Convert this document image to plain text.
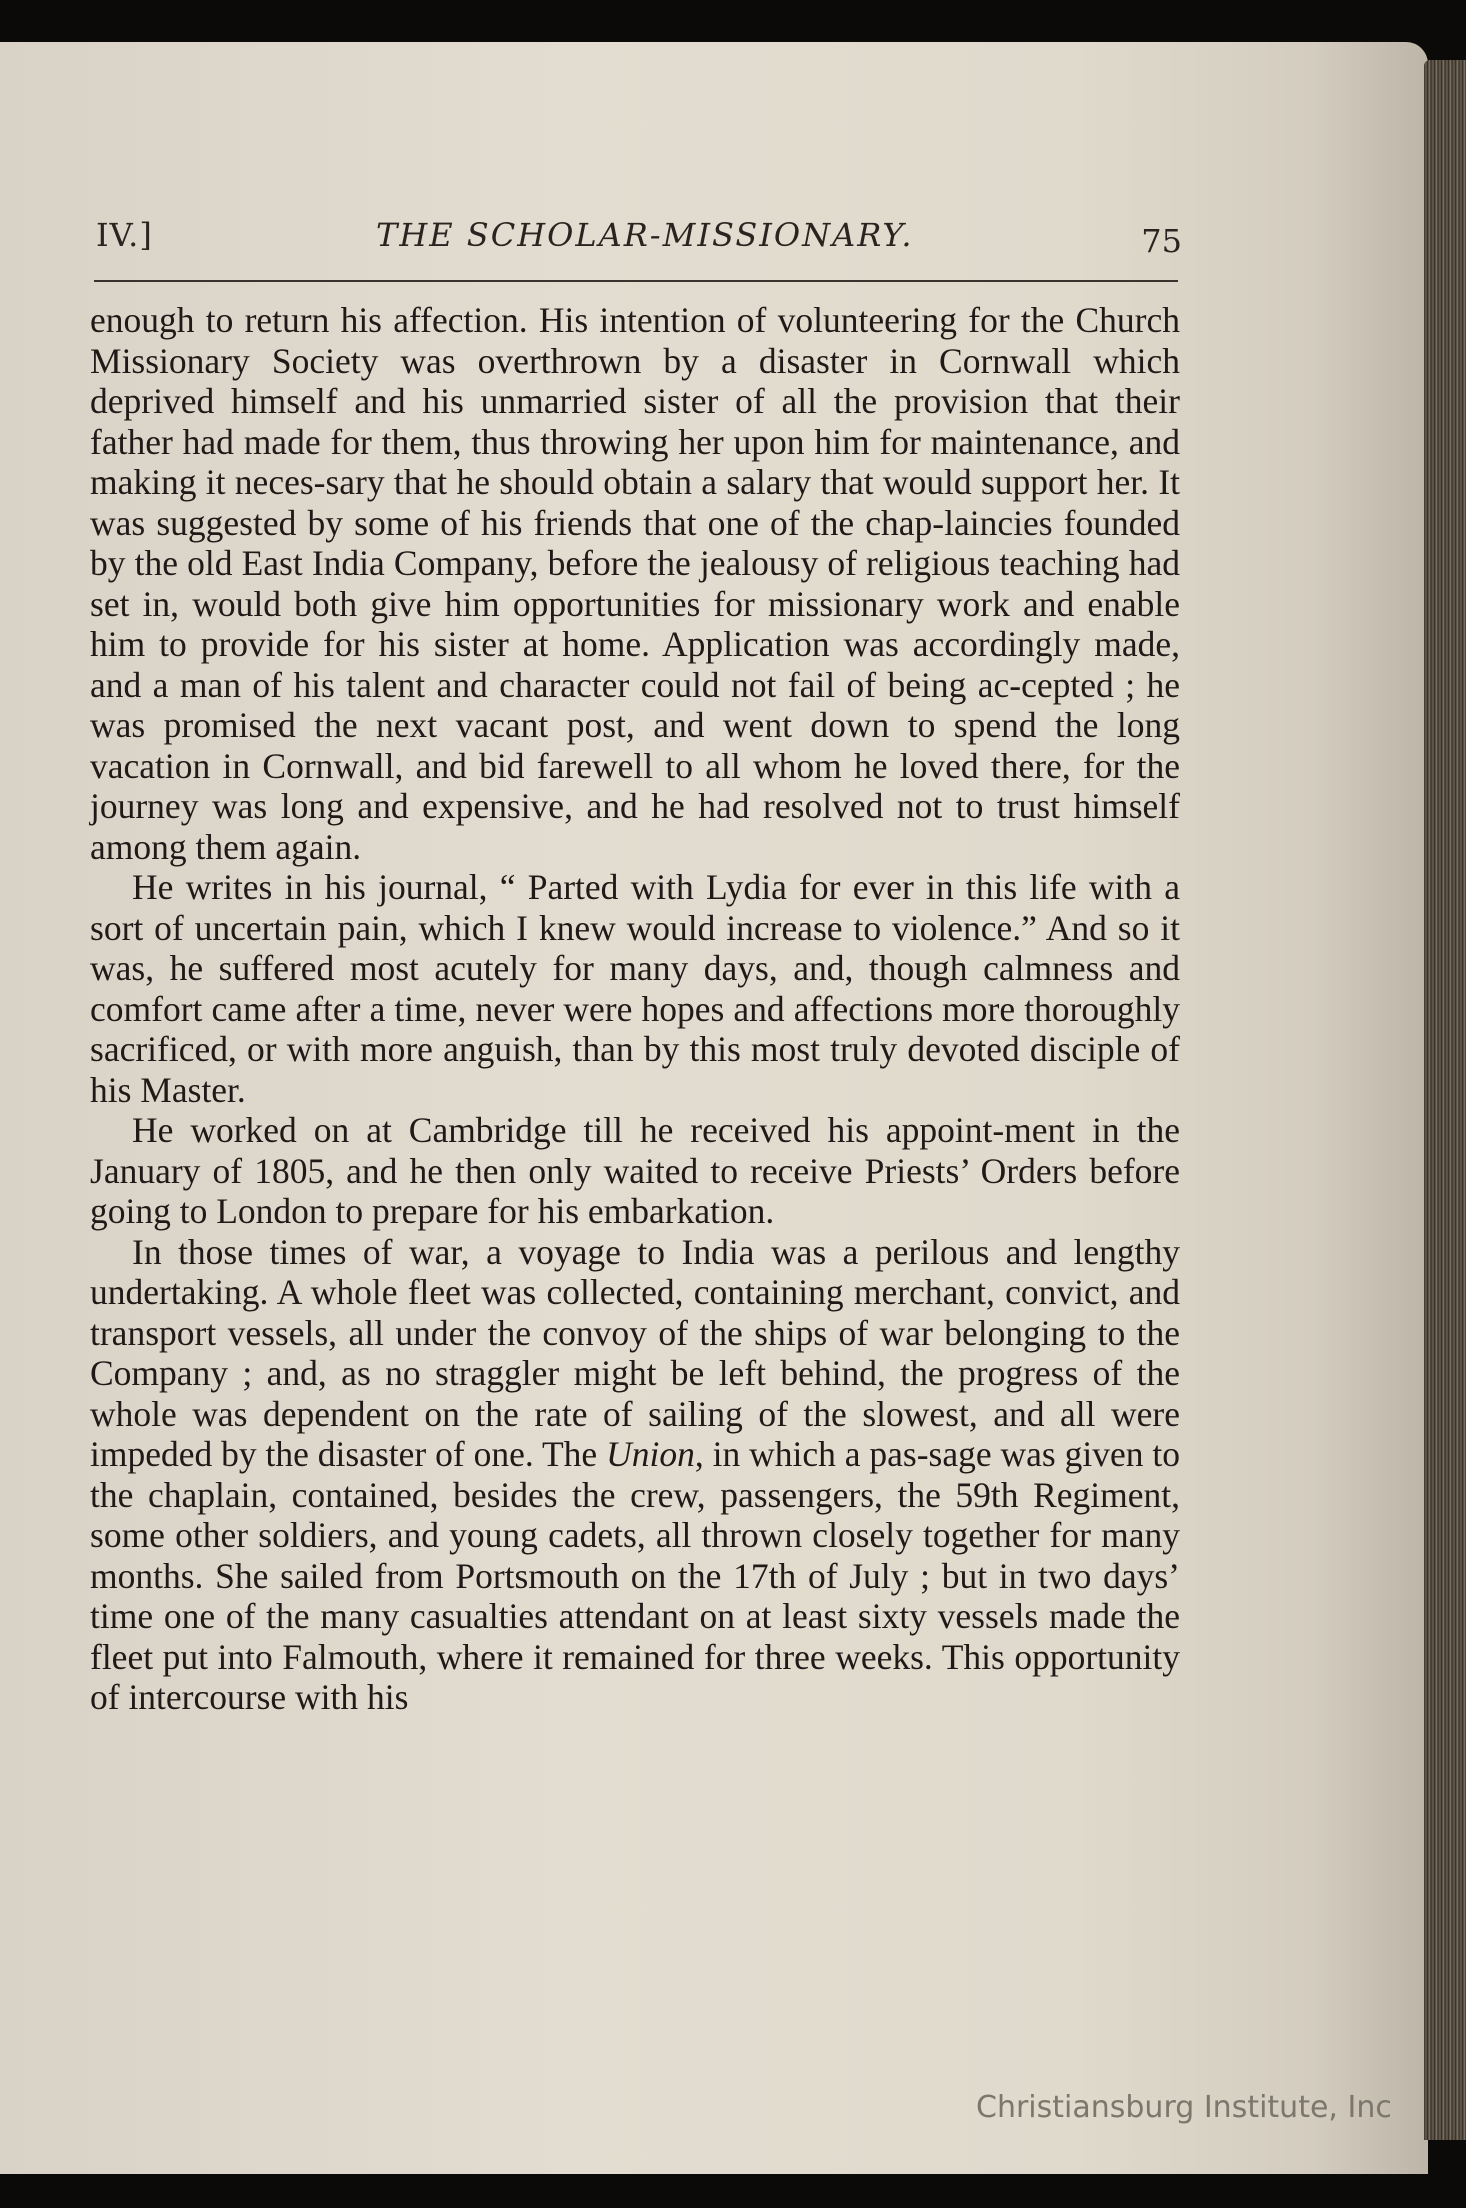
IV.]	THE SCHOLAR-MISSIONARY.	75

enough to return his affection. His intention of volunteering for the Church Missionary Society was overthrown by a disaster in Cornwall which deprived himself and his unmarried sister of all the provision that their father had made for them, thus throwing her upon him for maintenance, and making it neces-sary that he should obtain a salary that would support her. It was suggested by some of his friends that one of the chap-laincies founded by the old East India Company, before the jealousy of religious teaching had set in, would both give him opportunities for missionary work and enable him to provide for his sister at home. Application was accordingly made, and a man of his talent and character could not fail of being ac-cepted ; he was promised the next vacant post, and went down to spend the long vacation in Cornwall, and bid farewell to all whom he loved there, for the journey was long and expensive, and he had resolved not to trust himself among them again.

He writes in his journal, “ Parted with Lydia for ever in this life with a sort of uncertain pain, which I knew would increase to violence.” And so it was, he suffered most acutely for many days, and, though calmness and comfort came after a time, never were hopes and affections more thoroughly sacrificed, or with more anguish, than by this most truly devoted disciple of his Master.

He worked on at Cambridge till he received his appoint-ment in the January of 1805, and he then only waited to receive Priests’ Orders before going to London to prepare for his embarkation.

In those times of war, a voyage to India was a perilous and lengthy undertaking. A whole fleet was collected, containing merchant, convict, and transport vessels, all under the convoy of the ships of war belonging to the Company ; and, as no straggler might be left behind, the progress of the whole was dependent on the rate of sailing of the slowest, and all were impeded by the disaster of one. The Union, in which a pas-sage was given to the chaplain, contained, besides the crew, passengers, the 59th Regiment, some other soldiers, and young cadets, all thrown closely together for many months. She sailed from Portsmouth on the 17th of July ; but in two days’ time one of the many casualties attendant on at least sixty vessels made the fleet put into Falmouth, where it remained for three weeks. This opportunity of intercourse with his

Christiansburg Institute, Inc
